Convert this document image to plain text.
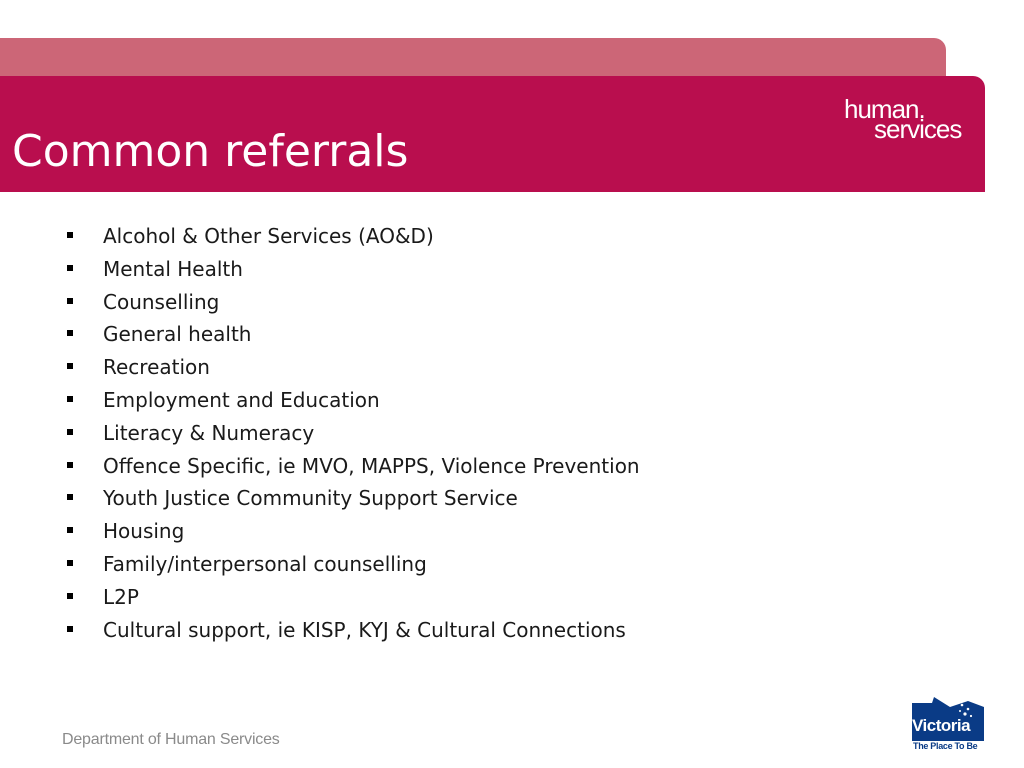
Common referrals
human.
services
Alcohol & Other Services (AO&D)
Mental Health
Counselling
General health
Recreation
Employment and Education
Literacy & Numeracy
Offence Specific, ie MVO, MAPPS, Violence Prevention
Youth Justice Community Support Service
Housing
Family/interpersonal counselling
L2P
Cultural support, ie KISP, KYJ & Cultural Connections
Department of Human Services
Victoria
The Place To Be
